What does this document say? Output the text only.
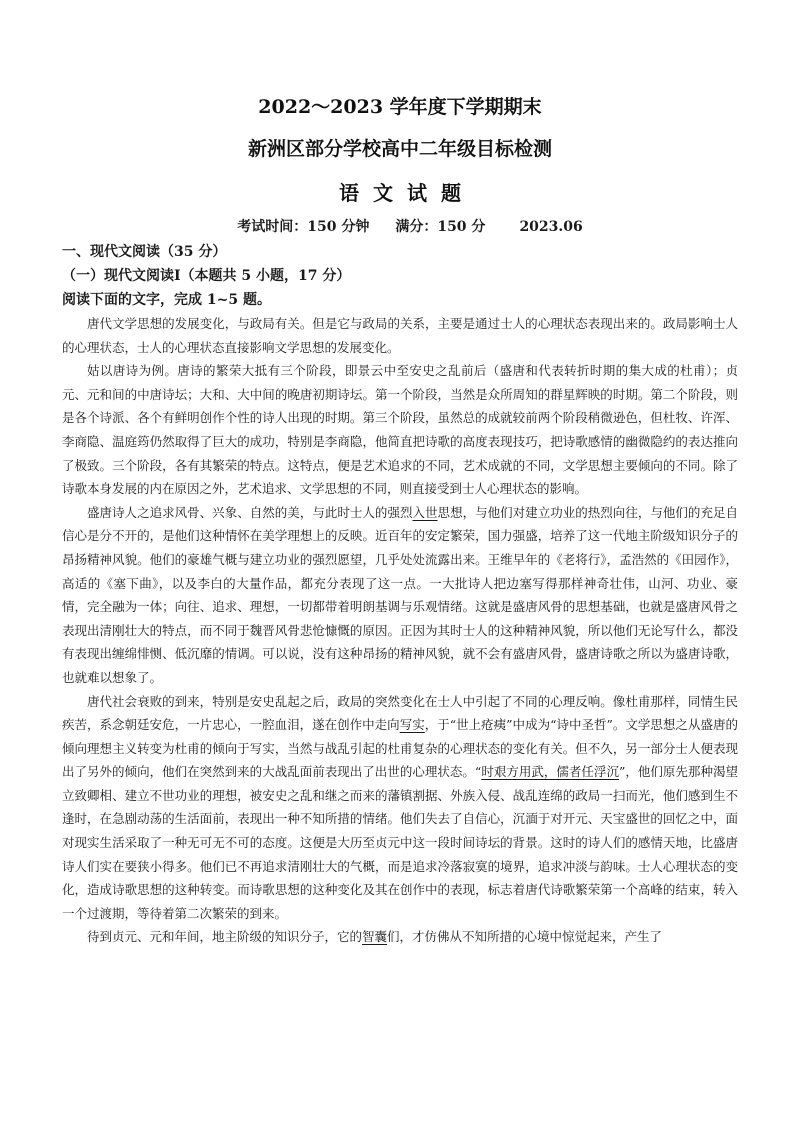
2022～2023 学年度下学期期末
新洲区部分学校高中二年级目标检测
语文试题
考试时间：150 分钟 满分：150 分 2023.06
一、现代文阅读（35 分）
（一）现代文阅读Ⅰ（本题共 5 小题，17 分）
阅读下面的文字，完成 1~5 题。

唐代文学思想的发展变化，与政局有关。但是它与政局的关系，主要是通过士人的心理状态表现出来的。政局影响士人的心理状态，士人的心理状态直接影响文学思想的发展变化。

姑以唐诗为例。唐诗的繁荣大抵有三个阶段，即景云中至安史之乱前后（盛唐和代表转折时期的集大成的杜甫）；贞元、元和间的中唐诗坛；大和、大中间的晚唐初期诗坛。第一个阶段，当然是众所周知的群星辉映的时期。第二个阶段，则是各个诗派、各个有鲜明创作个性的诗人出现的时期。第三个阶段，虽然总的成就较前两个阶段稍微逊色，但杜牧、许浑、李商隐、温庭筠仍然取得了巨大的成功，特别是李商隐，他简直把诗歌的高度表现技巧，把诗歌感情的幽微隐约的表达推向了极致。三个阶段，各有其繁荣的特点。这特点，便是艺术追求的不同，艺术成就的不同，文学思想主要倾向的不同。除了诗歌本身发展的内在原因之外，艺术追求、文学思想的不同，则直接受到士人心理状态的影响。

盛唐诗人之追求风骨、兴象、自然的美，与此时士人的强烈入世思想，与他们对建立功业的热烈向往，与他们的充足自信心是分不开的，是他们这种情怀在美学理想上的反映。近百年的安定繁荣，国力强盛，培养了这一代地主阶级知识分子的昂扬精神风貌。他们的豪雄气概与建立功业的强烈愿望，几乎处处流露出来。王维早年的《老将行》，孟浩然的《田园作》，高适的《塞下曲》，以及李白的大量作品，都充分表现了这一点。一大批诗人把边塞写得那样神奇壮伟，山河、功业、豪情，完全融为一体；向往、追求、理想，一切都带着明朗基调与乐观情绪。这就是盛唐风骨的思想基础，也就是盛唐风骨之表现出清刚壮大的特点，而不同于魏晋风骨悲怆慷慨的原因。正因为其时士人的这种精神风貌，所以他们无论写什么，都没有表现出缠绵悱恻、低沉靡的情调。可以说，没有这种昂扬的精神风貌，就不会有盛唐风骨，盛唐诗歌之所以为盛唐诗歌，也就难以想象了。

唐代社会衰败的到来，特别是安史乱起之后，政局的突然变化在士人中引起了不同的心理反响。像杜甫那样，同情生民疾苦，系念朝廷安危，一片忠心，一腔血泪，遂在创作中走向写实，于“世上疮痍”中成为“诗中圣哲”。文学思想之从盛唐的倾向理想主义转变为杜甫的倾向于写实，当然与战乱引起的杜甫复杂的心理状态的变化有关。但不久，另一部分士人便表现出了另外的倾向，他们在突然到来的大战乱面前表现出了出世的心理状态。“时艰方用武，儒者任浮沉”，他们原先那种渴望立致卿相、建立不世功业的理想，被安史之乱和继之而来的藩镇割据、外族入侵、战乱连绵的政局一扫而光，他们感到生不逢时，在急剧动荡的生活面前，表现出一种不知所措的情绪。他们失去了自信心，沉湎于对开元、天宝盛世的回忆之中，面对现实生活采取了一种无可无不可的态度。这便是大历至贞元中这一段时间诗坛的背景。这时的诗人们的感情天地，比盛唐诗人们实在要狭小得多。他们已不再追求清刚壮大的气概，而是追求冷落寂寞的境界，追求冲淡与韵味。士人心理状态的变化，造成诗歌思想的这种转变。而诗歌思想的这种变化及其在创作中的表现，标志着唐代诗歌繁荣第一个高峰的结束，转入一个过渡期，等待着第二次繁荣的到来。

待到贞元、元和年间，地主阶级的知识分子，它的智囊们，才仿佛从不知所措的心境中惊觉起来，产生了
